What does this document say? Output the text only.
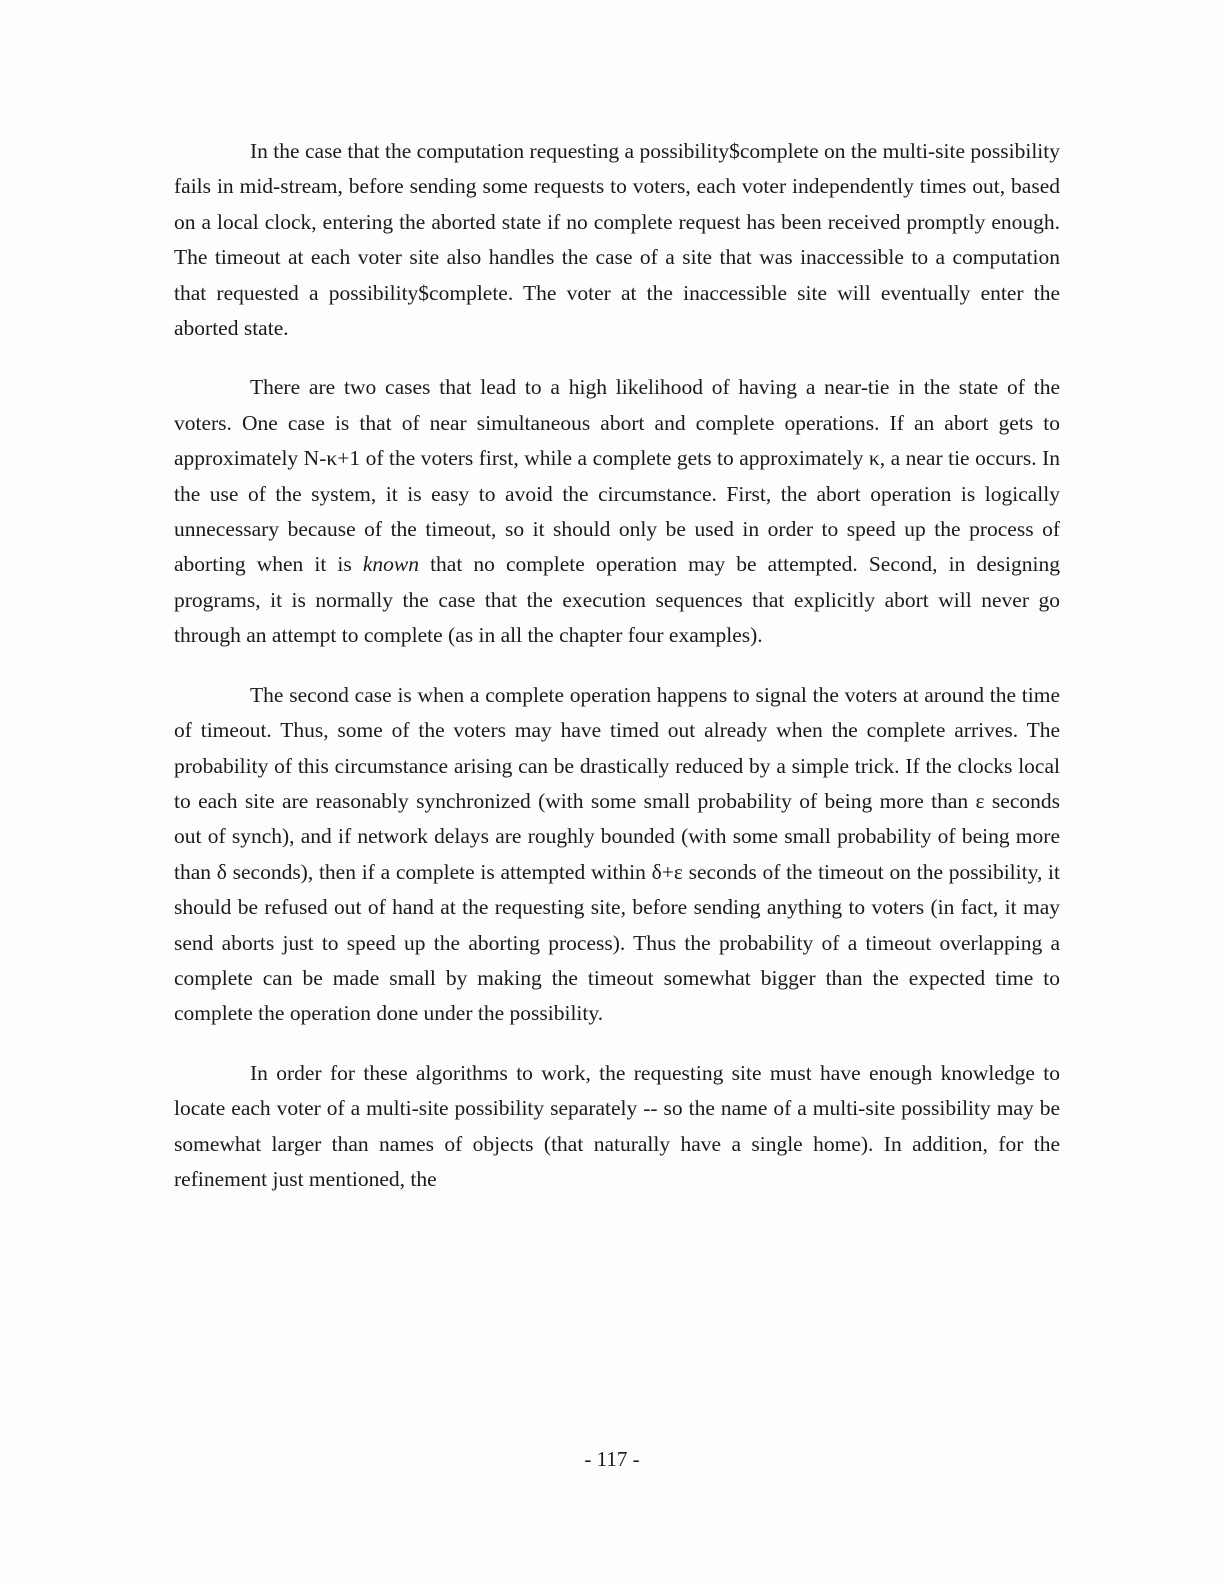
In the case that the computation requesting a possibility$complete on the multi-site possibility fails in mid-stream, before sending some requests to voters, each voter independently times out, based on a local clock, entering the aborted state if no complete request has been received promptly enough. The timeout at each voter site also handles the case of a site that was inaccessible to a computation that requested a possibility$complete. The voter at the inaccessible site will eventually enter the aborted state.

There are two cases that lead to a high likelihood of having a near-tie in the state of the voters. One case is that of near simultaneous abort and complete operations. If an abort gets to approximately N-κ+1 of the voters first, while a complete gets to approximately κ, a near tie occurs. In the use of the system, it is easy to avoid the circumstance. First, the abort operation is logically unnecessary because of the timeout, so it should only be used in order to speed up the process of aborting when it is known that no complete operation may be attempted. Second, in designing programs, it is normally the case that the execution sequences that explicitly abort will never go through an attempt to complete (as in all the chapter four examples).

The second case is when a complete operation happens to signal the voters at around the time of timeout. Thus, some of the voters may have timed out already when the complete arrives. The probability of this circumstance arising can be drastically reduced by a simple trick. If the clocks local to each site are reasonably synchronized (with some small probability of being more than ε seconds out of synch), and if network delays are roughly bounded (with some small probability of being more than δ seconds), then if a complete is attempted within δ+ε seconds of the timeout on the possibility, it should be refused out of hand at the requesting site, before sending anything to voters (in fact, it may send aborts just to speed up the aborting process). Thus the probability of a timeout overlapping a complete can be made small by making the timeout somewhat bigger than the expected time to complete the operation done under the possibility.

In order for these algorithms to work, the requesting site must have enough knowledge to locate each voter of a multi-site possibility separately -- so the name of a multi-site possibility may be somewhat larger than names of objects (that naturally have a single home). In addition, for the refinement just mentioned, the

- 117 -
